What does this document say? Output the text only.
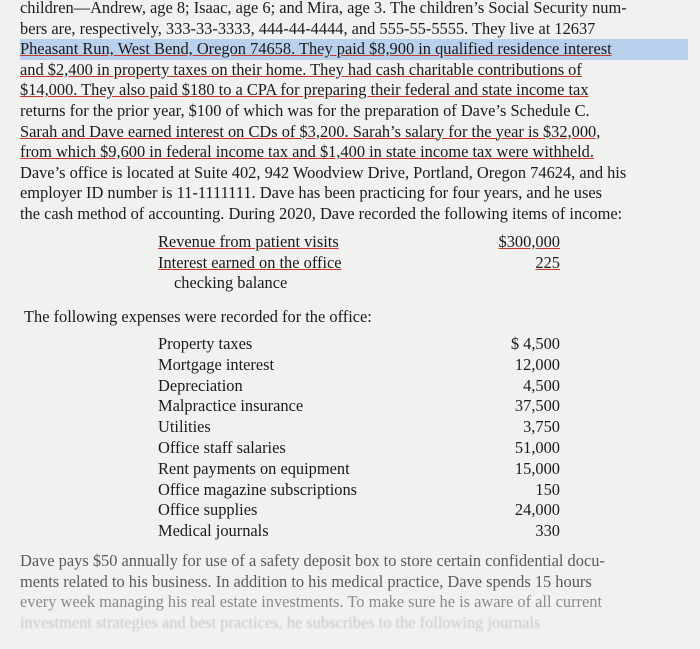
children—Andrew, age 8; Isaac, age 6; and Mira, age 3. The children’s Social Security num-
bers are, respectively, 333-33-3333, 444-44-4444, and 555-55-5555. They live at 12637
Pheasant Run, West Bend, Oregon 74658. They paid $8,900 in qualified residence interest
and $2,400 in property taxes on their home. They had cash charitable contributions of
$14,000. They also paid $180 to a CPA for preparing their federal and state income tax
returns for the prior year, $100 of which was for the preparation of Dave’s Schedule C.
Sarah and Dave earned interest on CDs of $3,200. Sarah’s salary for the year is $32,000,
from which $9,600 in federal income tax and $1,400 in state income tax were withheld.
Dave’s office is located at Suite 402, 942 Woodview Drive, Portland, Oregon 74624, and his
employer ID number is 11-1111111. Dave has been practicing for four years, and he uses
the cash method of accounting. During 2020, Dave recorded the following items of income:
Revenue from patient visits	$300,000
Interest earned on the office	225
checking balance
The following expenses were recorded for the office:
Property taxes	$ 4,500
Mortgage interest	12,000
Depreciation	4,500
Malpractice insurance	37,500
Utilities	3,750
Office staff salaries	51,000
Rent payments on equipment	15,000
Office magazine subscriptions	150
Office supplies	24,000
Medical journals	330
Dave pays $50 annually for use of a safety deposit box to store certain confidential docu-
ments related to his business. In addition to his medical practice, Dave spends 15 hours
every week managing his real estate investments. To make sure he is aware of all current
investment strategies and best practices, he subscribes to the following journals
